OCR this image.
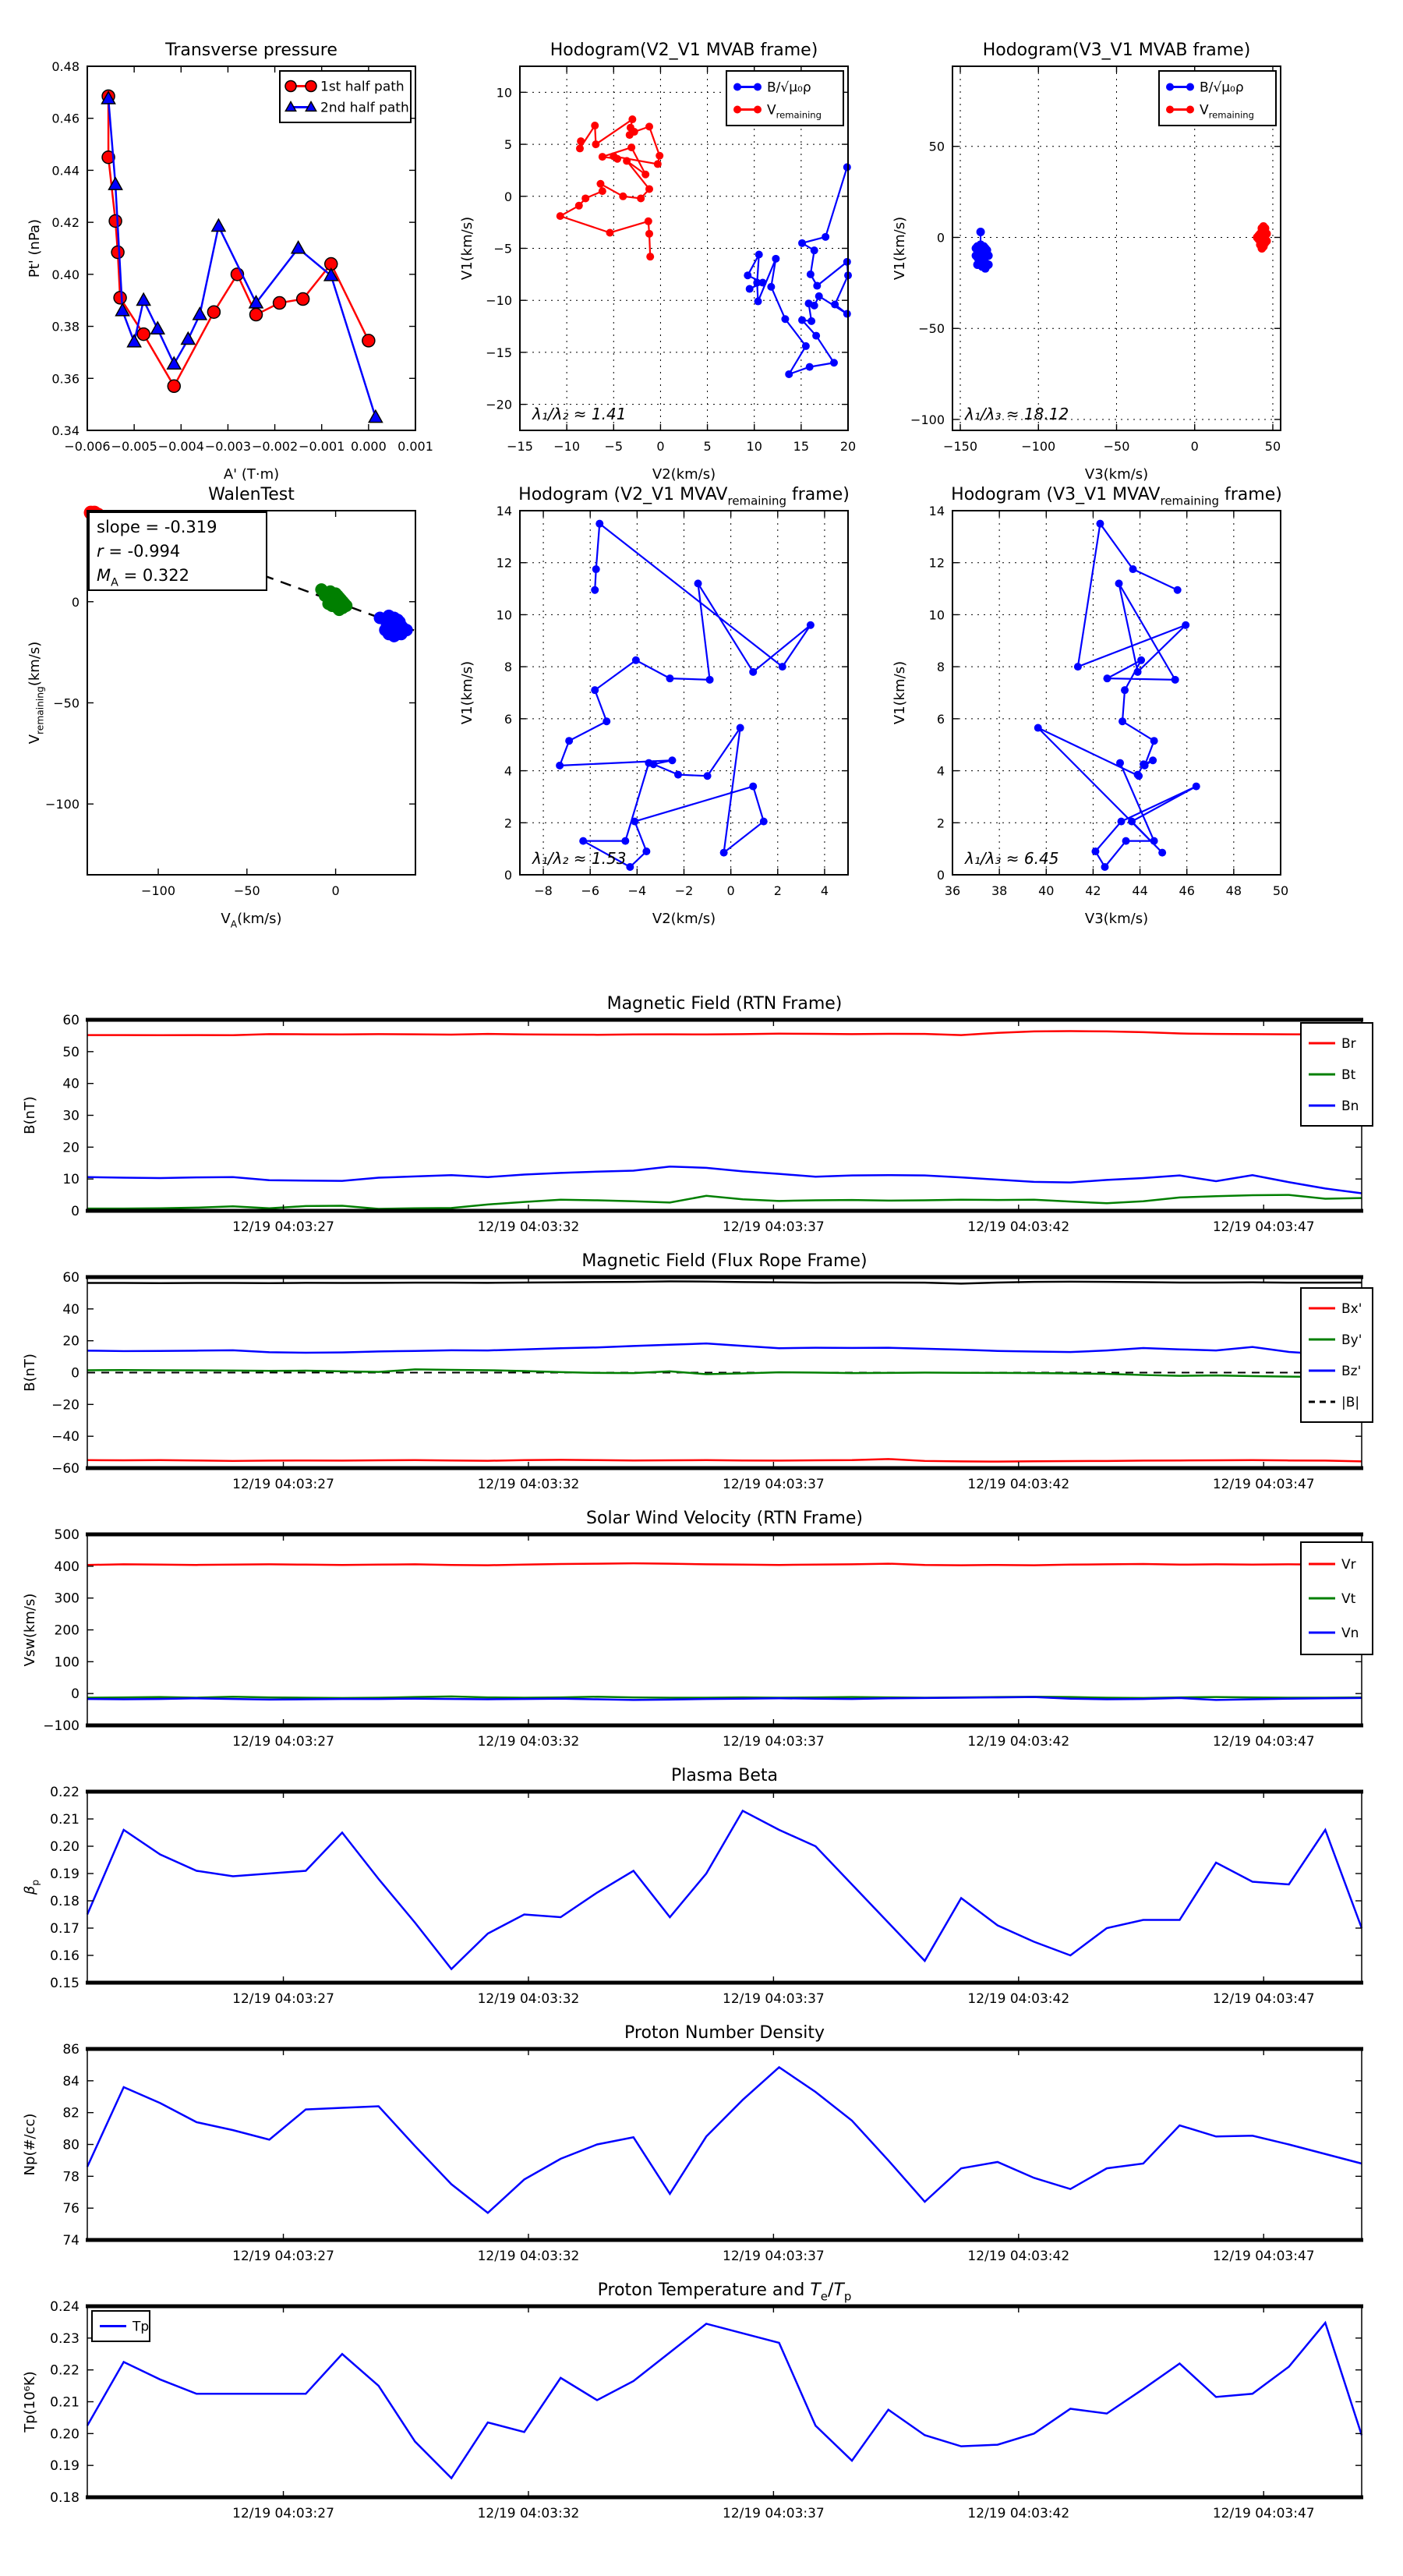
−0.006 −0.005 −0.004 −0.003 −0.002 −0.001 0.000 0.001
0.34
0.36
0.38
0.40
0.42
0.44
0.46
0.48
Transverse pressure
A' (T·m)
Pt' (nPa)
1st half path
2nd half path
−15 −10 −5	0	5	10 15 20
−20
−15
−10
−5
0
5
10
Hodogram(V2_V1 MVAB frame)
V2(km/s)
V1(km/s)
λ₁/λ₂ ≈ 1.41
B/√μ₀ρ
$V_{remaining}$
−150	−100	−50	0	50
−100
−50
0
50
Hodogram(V3_V1 MVAB frame)
V3(km/s)
V1(km/s)
λ₁/λ₃ ≈ 18.12
B/√μ₀ρ
$V_{remaining}$
−100	−50	0
−100
−50
0
WalenTest
$V_A(km/s)$
$V_{remaining}(km/s)$
slope = -0.319
r = -0.994
$M_A = 0.322$
−8 −6 −4 −2	0	2	4
0
2
4
6
8
10
12
14
Hodogram (V2_V1 $MVAV_{remaining}$ frame)
V2(km/s)
V1(km/s)
λ₁/λ₂ ≈ 1.53
36 38 40 42 44 46 48 50
0
2
4
6
8
10
12
14
Hodogram (V3_V1 $MVAV_{remaining}$ frame)
V3(km/s)
V1(km/s)
λ₁/λ₃ ≈ 6.45
12/19 04:03:27	12/19 04:03:32	12/19 04:03:37	12/19 04:03:42	12/19 04:03:47
0
10
20
30
40
50
60
Magnetic Field (RTN Frame)
B(nT)
Br
Bt
Bn
12/19 04:03:27	12/19 04:03:32	12/19 04:03:37	12/19 04:03:42	12/19 04:03:47
−60
−40
−20
0
20
40
60
Magnetic Field (Flux Rope Frame)
B(nT)
Bx'
By'
Bz'
|B|
12/19 04:03:27	12/19 04:03:32	12/19 04:03:37	12/19 04:03:42	12/19 04:03:47
−100
0
100
200
300
400
500
Solar Wind Velocity (RTN Frame)
Vsw(km/s)
Vr
Vt
Vn
12/19 04:03:27	12/19 04:03:32	12/19 04:03:37	12/19 04:03:42	12/19 04:03:47
0.15
0.16
0.17
0.18
0.19
0.20
0.21
0.22
Plasma Beta
$\beta_p$
12/19 04:03:27	12/19 04:03:32	12/19 04:03:37	12/19 04:03:42	12/19 04:03:47
74
76
78
80
82
84
86
Proton Number Density
Np(#/cc)
12/19 04:03:27	12/19 04:03:32	12/19 04:03:37	12/19 04:03:42	12/19 04:03:47
0.18
0.19
0.20
0.21
0.22
0.23
0.24
Proton Temperature and $T_e/T_p$
Tp(10⁶K)
Tp
